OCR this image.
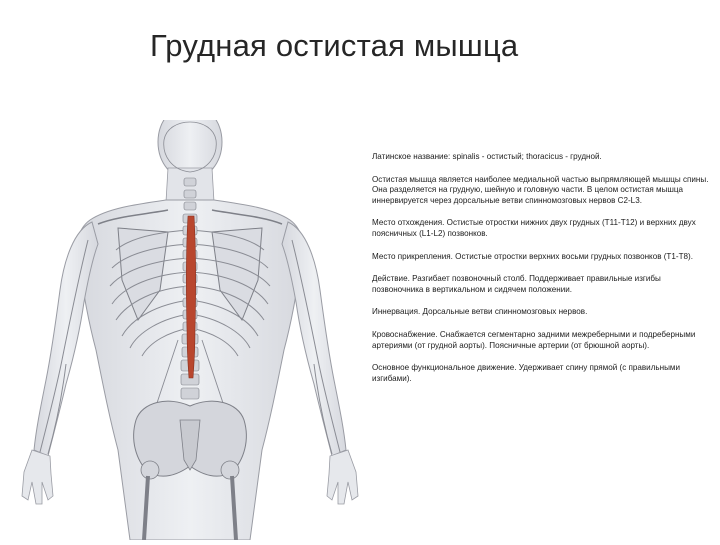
Грудная остистая мышца

Латинское название: spinalis - остистый; thoracicus - грудной.

Остистая мышца является наиболее медиальной частью выпрямляющей мышцы спины. Она разделяется на грудную, шейную и головную части. В целом остистая мышца иннервируется через дорсальные ветви спинномозговых нервов C2-L3.

Место отхождения. Остистые отростки нижних двух грудных (T11-T12) и верхних двух поясничных (L1-L2) позвонков.

Место прикрепления. Остистые отростки верхних восьми грудных позвонков (T1-T8).

Действие. Разгибает позвоночный столб. Поддерживает правильные изгибы позвоночника в вертикальном и сидячем положении.

Иннервация. Дорсальные ветви спинномозговых нервов.

Кровоснабжение. Снабжается сегментарно задними межреберными и подреберными артериями (от грудной аорты). Поясничные артерии (от брюшной аорты).

Основное функциональное движение. Удерживает спину прямой (с правильными изгибами).
